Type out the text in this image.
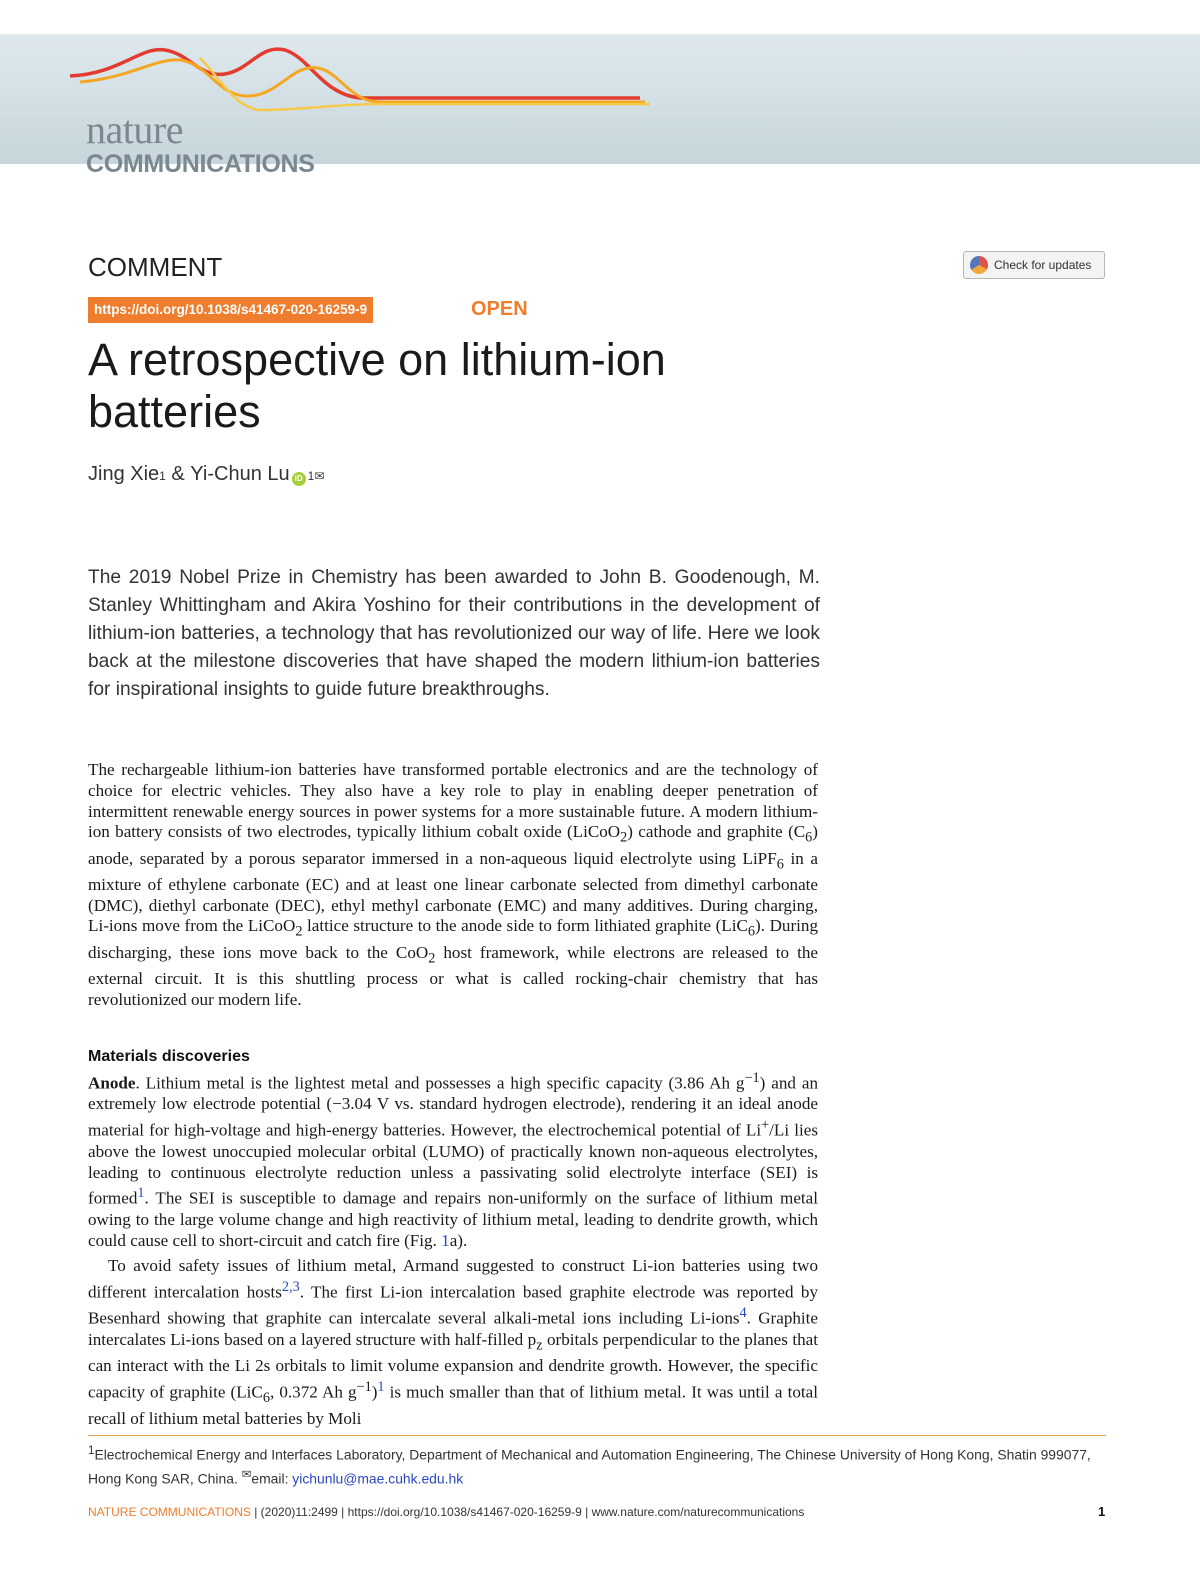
nature
COMMUNICATIONS
COMMENT	Check for updates
https://doi.org/10.1038/s41467-020-16259-9	OPEN
A retrospective on lithium-ion batteries
Jing Xie 1 & Yi-Chun Lu iD 1 ✉

The 2019 Nobel Prize in Chemistry has been awarded to John B. Goodenough, M. Stanley Whittingham and Akira Yoshino for their contributions in the development of lithium-ion batteries, a technology that has revolutionized our way of life. Here we look back at the milestone discoveries that have shaped the modern lithium-ion batteries for inspirational insights to guide future breakthroughs.

The rechargeable lithium-ion batteries have transformed portable electronics and are the technology of choice for electric vehicles. They also have a key role to play in enabling deeper penetration of intermittent renewable energy sources in power systems for a more sustainable future. A modern lithium-ion battery consists of two electrodes, typically lithium cobalt oxide (LiCoO$_2$) cathode and graphite $(C_6)$ anode, separated by a porous separator immersed in a non-aqueous liquid electrolyte using LiPF$_6$ in a mixture of ethylene carbonate (EC) and at least one linear carbonate selected from dimethyl carbonate (DMC), diethyl carbonate (DEC), ethyl methyl carbonate (EMC) and many additives. During charging, Li-ions move from the LiCoO$_2$ lattice structure to the anode side to form lithiated graphite (LiC$_6$). During discharging, these ions move back to the CoO$_2$ host framework, while electrons are released to the external circuit. It is this shuttling process or what is called rocking-chair chemistry that has revolutionized our modern life.

Materials discoveries

Anode. Lithium metal is the lightest metal and possesses a high specific capacity (3.86 Ah $g^{-1}$) and an extremely low electrode potential (−3.04 V vs. standard hydrogen electrode), rendering it an ideal anode material for high-voltage and high-energy batteries. However, the electrochemical potential of Li+/Li lies above the lowest unoccupied molecular orbital (LUMO) of practically known non-aqueous electrolytes, leading to continuous electrolyte reduction unless a passivating solid electrolyte interface (SEI) is formed$^1$. The SEI is susceptible to damage and repairs non-uniformly on the surface of lithium metal owing to the large volume change and high reactivity of lithium metal, leading to dendrite growth, which could cause cell to short-circuit and catch fire (Fig. 1a).

To avoid safety issues of lithium metal, Armand suggested to construct Li-ion batteries using two different intercalation hosts$^{2,3}$. The first Li-ion intercalation based graphite electrode was reported by Besenhard showing that graphite can intercalate several alkali-metal ions including Li-ions$^4$. Graphite intercalates Li-ions based on a layered structure with half-filled $p_z$ orbitals perpendicular to the planes that can interact with the Li 2s orbitals to limit volume expansion and dendrite growth. However, the specific capacity of graphite (LiC$_6$, 0.372 Ah $g^{-1})^1$ is much smaller than that of lithium metal. It was until a total recall of lithium metal batteries by Moli

$^1$Electrochemical Energy and Interfaces Laboratory, Department of Mechanical and Automation Engineering, The Chinese University of Hong Kong, Shatin 999077, Hong Kong SAR, China. ✉email: yichunlu@mae.cuhk.edu.hk

NATURE COMMUNICATIONS | (2020)11:2499 | https://doi.org/10.1038/s41467-020-16259-9 | www.nature.com/naturecommunications	1
